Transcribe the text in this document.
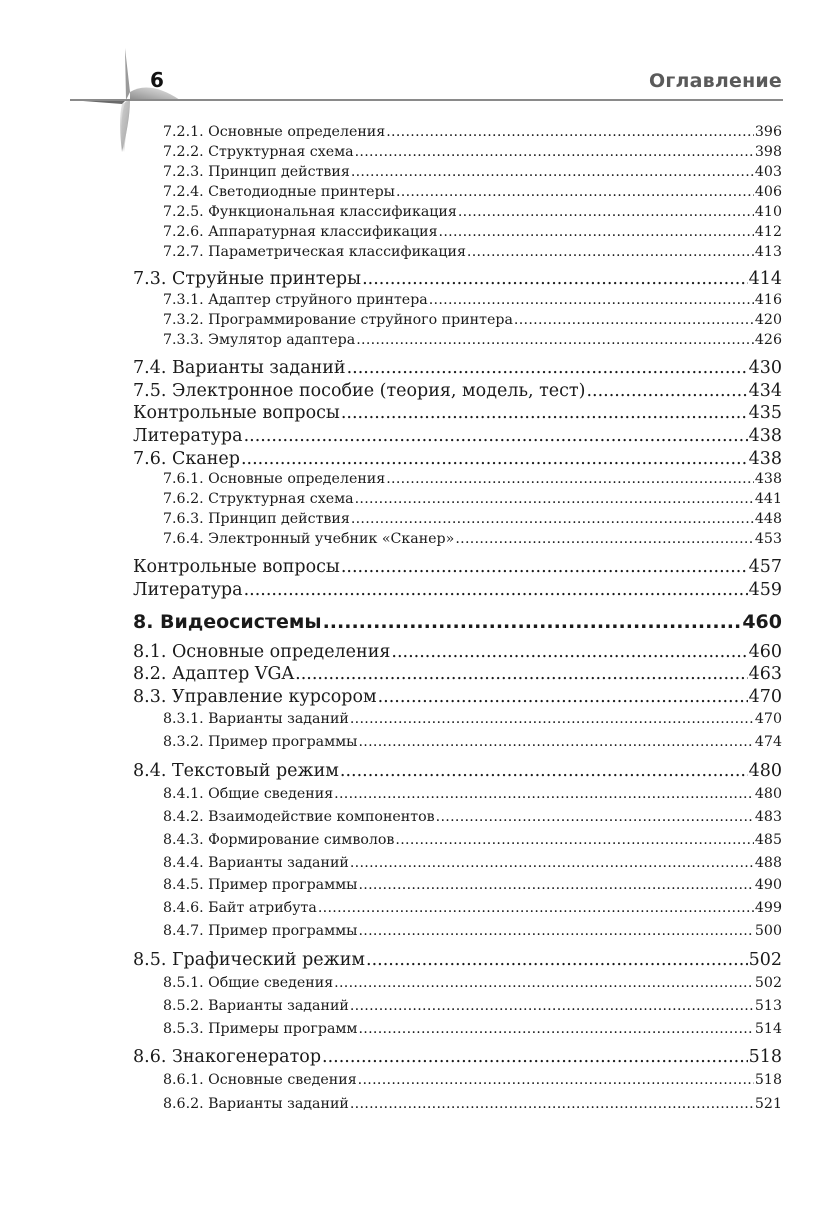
6	Оглавление
7.2.1. Основные определения .....	396
7.2.2. Структурная схема .....	398
7.2.3. Принцип действия .....	403
7.2.4. Светодиодные принтеры .....	406
7.2.5. Функциональная классификация .....	410
7.2.6. Аппаратурная классификация .....	412
7.2.7. Параметрическая классификация .....	413
7.3. Струйные принтеры .....	414
7.3.1. Адаптер струйного принтера .....	416
7.3.2. Программирование струйного принтера .....	420
7.3.3. Эмулятор адаптера .....	426
7.4. Варианты заданий .....	430
7.5. Электронное пособие (теория, модель, тест) .....	434
Контрольные вопросы .....	435
Литература .....	438
7.6. Сканер .....	438
7.6.1. Основные определения .....	438
7.6.2. Структурная схема .....	441
7.6.3. Принцип действия .....	448
7.6.4. Электронный учебник «Сканер» .....	453
Контрольные вопросы .....	457
Литература .....	459
8. Видеосистемы .....	460
8.1. Основные определения .....	460
8.2. Адаптер VGA .....	463
8.3. Управление курсором .....	470
8.3.1. Варианты заданий .....	470
8.3.2. Пример программы .....	474
8.4. Текстовый режим .....	480
8.4.1. Общие сведения .....	480
8.4.2. Взаимодействие компонентов .....	483
8.4.3. Формирование символов .....	485
8.4.4. Варианты заданий .....	488
8.4.5. Пример программы .....	490
8.4.6. Байт атрибута .....	499
8.4.7. Пример программы .....	500
8.5. Графический режим .....	502
8.5.1. Общие сведения .....	502
8.5.2. Варианты заданий .....	513
8.5.3. Примеры программ .....	514
8.6. Знакогенератор .....	518
8.6.1. Основные сведения .....	518
8.6.2. Варианты заданий .....	521
